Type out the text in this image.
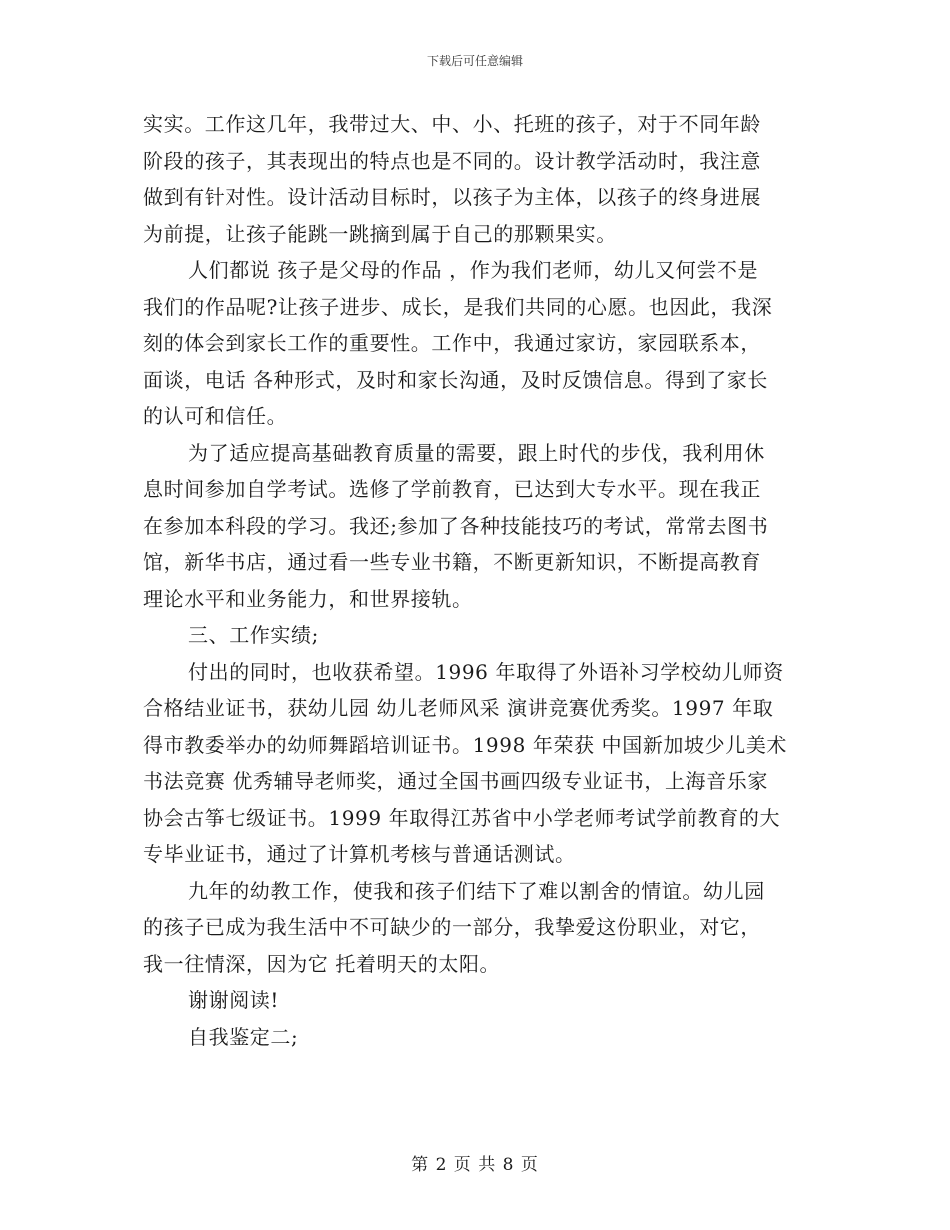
下载后可任意编辑
实实。工作这几年，我带过大、中、小、托班的孩子，对于不同年龄
阶段的孩子，其表现出的特点也是不同的。设计教学活动时，我注意
做到有针对性。设计活动目标时，以孩子为主体，以孩子的终身进展
为前提，让孩子能跳一跳摘到属于自己的那颗果实。
人们都说 孩子是父母的作品 ，作为我们老师，幼儿又何尝不是
我们的作品呢?让孩子进步、成长，是我们共同的心愿。也因此，我深
刻的体会到家长工作的重要性。工作中，我通过家访，家园联系本，
面谈，电话 各种形式，及时和家长沟通，及时反馈信息。得到了家长
的认可和信任。
为了适应提高基础教育质量的需要，跟上时代的步伐，我利用休
息时间参加自学考试。选修了学前教育，已达到大专水平。现在我正
在参加本科段的学习。我还;参加了各种技能技巧的考试，常常去图书
馆，新华书店，通过看一些专业书籍，不断更新知识，不断提高教育
理论水平和业务能力，和世界接轨。
三、工作实绩;
付出的同时，也收获希望。1996 年取得了外语补习学校幼儿师资
合格结业证书，获幼儿园 幼儿老师风采 演讲竞赛优秀奖。1997 年取
得市教委举办的幼师舞蹈培训证书。1998 年荣获 中国新加坡少儿美术
书法竞赛 优秀辅导老师奖，通过全国书画四级专业证书，上海音乐家
协会古筝七级证书。1999 年取得江苏省中小学老师考试学前教育的大
专毕业证书，通过了计算机考核与普通话测试。
九年的幼教工作，使我和孩子们结下了难以割舍的情谊。幼儿园
的孩子已成为我生活中不可缺少的一部分，我挚爱这份职业，对它，
我一往情深，因为它 托着明天的太阳。
谢谢阅读!
自我鉴定二;
第 2 页 共 8 页
